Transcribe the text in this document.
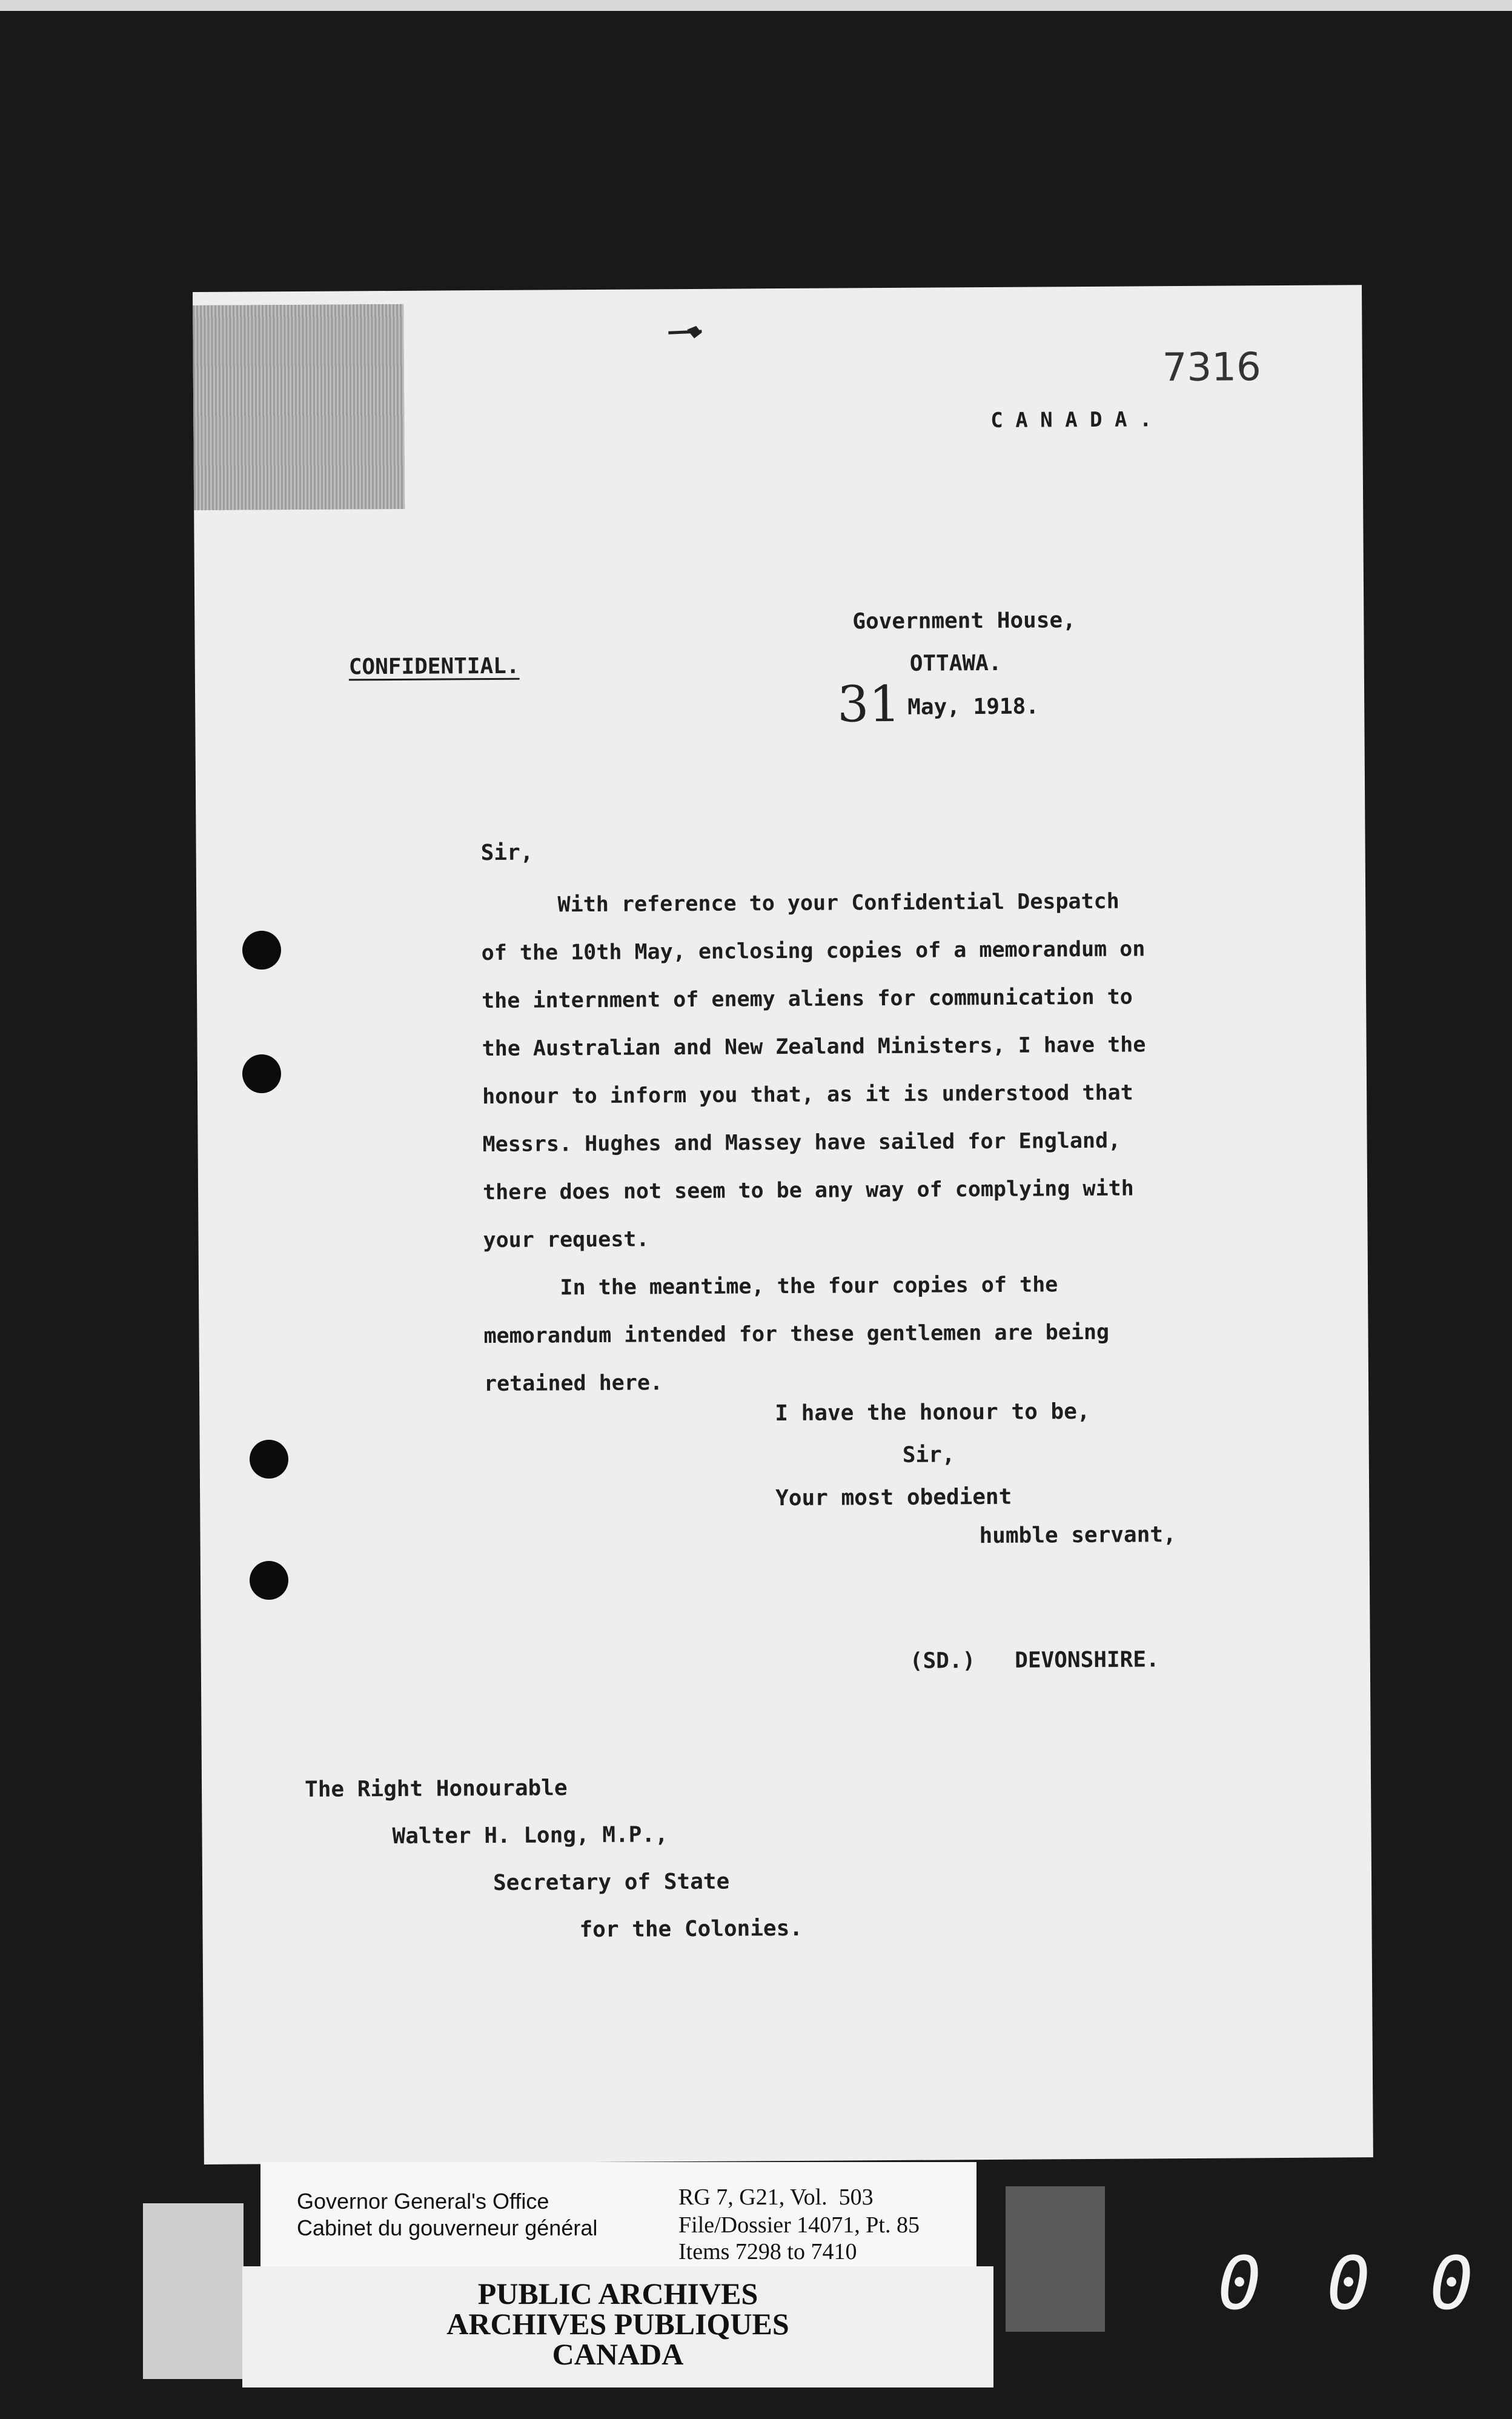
7316
C A N A D A .
Government House,
CONFIDENTIAL.	OTTAWA.
31 May, 1918.
Sir,
With reference to your Confidential Despatch
of the 10th May, enclosing copies of a memorandum on
the internment of enemy aliens for communication to
the Australian and New Zealand Ministers, I have the
honour to inform you that, as it is understood that
Messrs. Hughes and Massey have sailed for England,
there does not seem to be any way of complying with
your request.
In the meantime, the four copies of the
memorandum intended for these gentlemen are being
retained here.
I have the honour to be,
Sir,
Your most obedient
humble servant,
(SD.)   DEVONSHIRE.
The Right Honourable
Walter H. Long, M.P.,
Secretary of State
for the Colonies.
Governor General's Office
Cabinet du gouverneur général
RG 7, G21, Vol.  503
File/Dossier 14071, Pt. 85
Items 7298 to 7410
PUBLIC ARCHIVES
ARCHIVES PUBLIQUES
CANADA
0 0 0
